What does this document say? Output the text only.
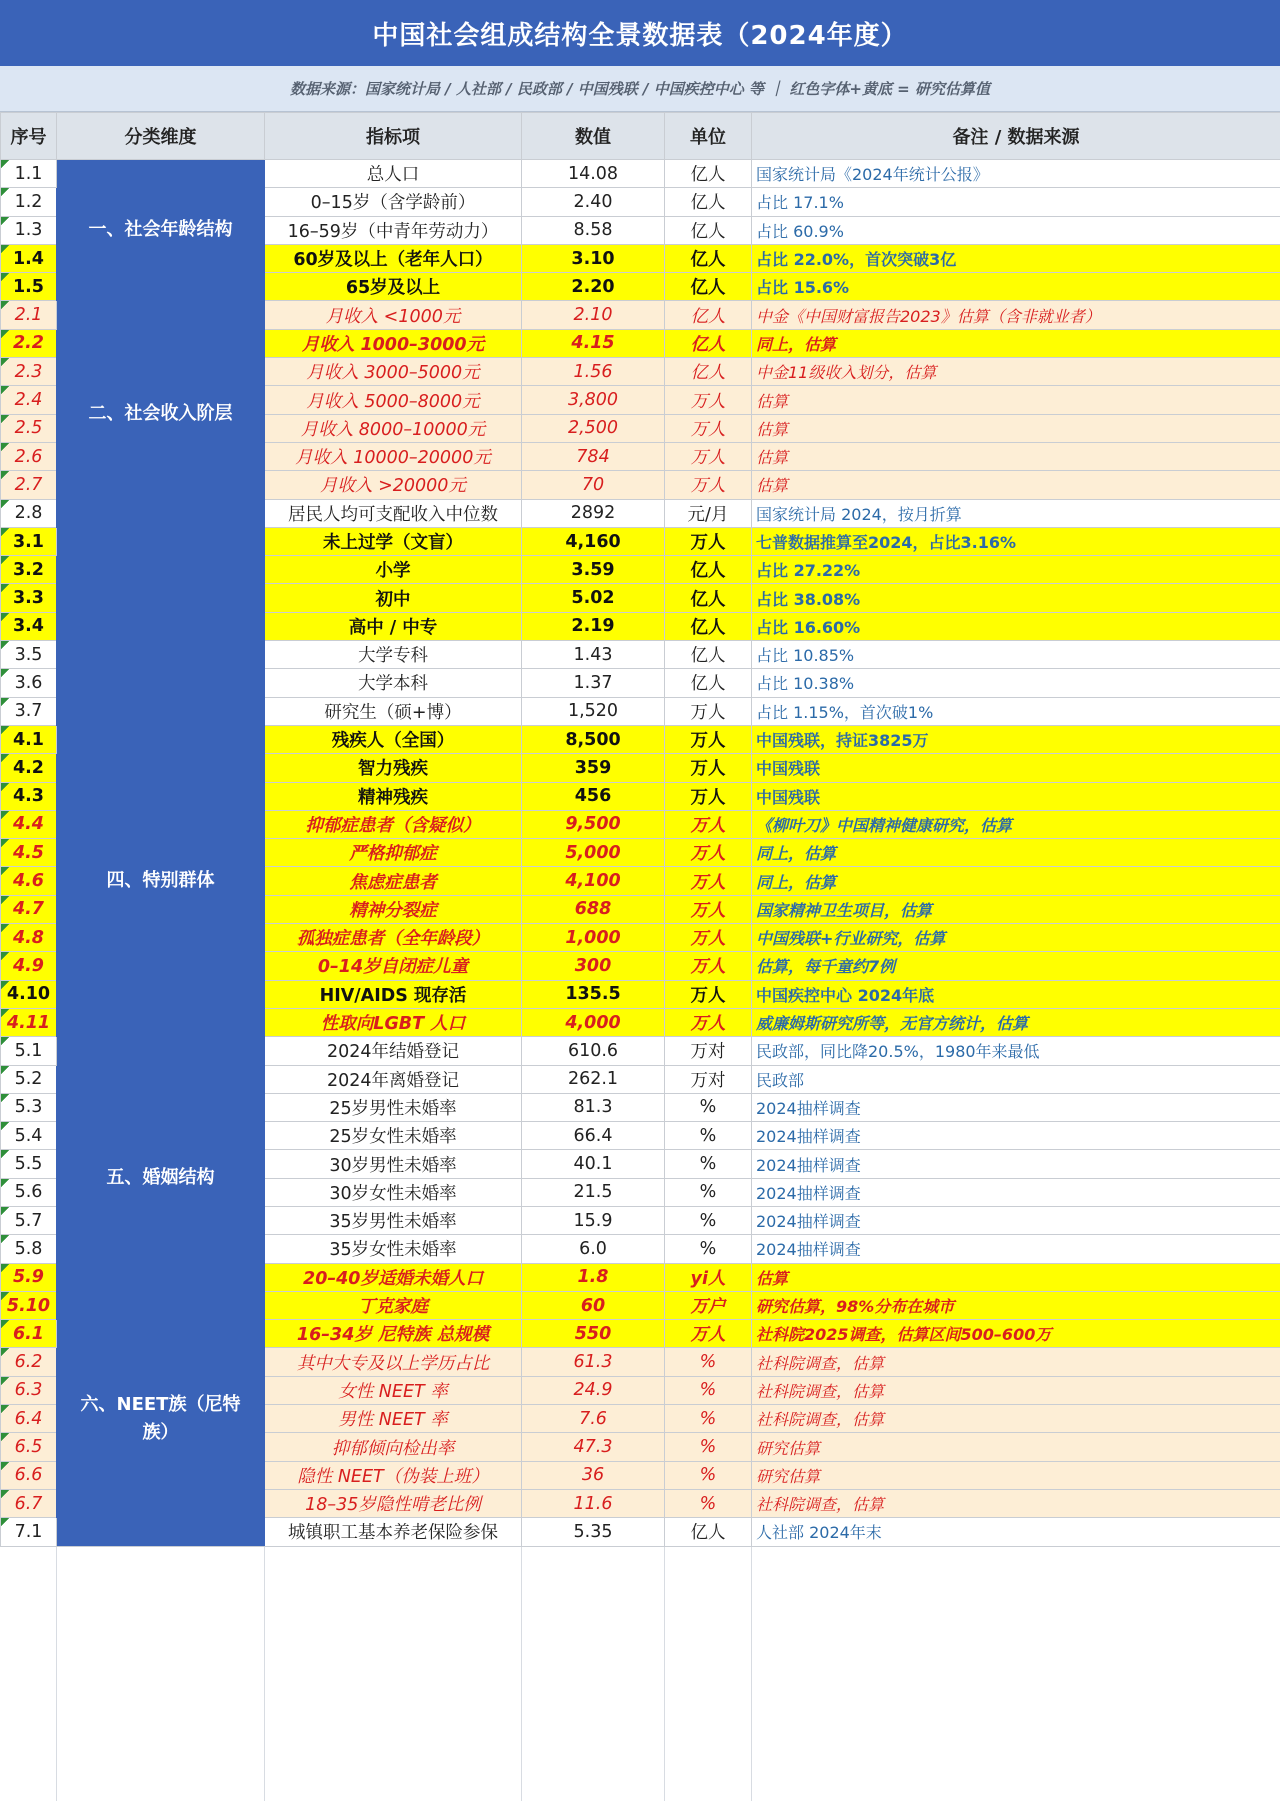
中国社会组成结构全景数据表（2024年度）
数据来源：国家统计局 / 人社部 / 民政部 / 中国残联 / 中国疾控中心 等 ｜ 红色字体+黄底 = 研究估算值
序号	分类维度	指标项	数值	单位	备注 / 数据来源
1.1	一、社会年龄结构	总人口	14.08	亿人	国家统计局《2024年统计公报》
1.2		0–15岁（含学龄前）	2.40	亿人	占比 17.1%
1.3		16–59岁（中青年劳动力）	8.58	亿人	占比 60.9%
1.4		60岁及以上（老年人口）	3.10	亿人	占比 22.0%，首次突破3亿
1.5		65岁及以上	2.20	亿人	占比 15.6%
2.1	二、社会收入阶层	月收入 <1000元	2.10	亿人	中金《中国财富报告2023》估算（含非就业者）
2.2		月收入 1000–3000元	4.15	亿人	同上，估算
2.3		月收入 3000–5000元	1.56	亿人	中金11级收入划分，估算
2.4		月收入 5000–8000元	3,800	万人	估算
2.5		月收入 8000–10000元	2,500	万人	估算
2.6		月收入 10000–20000元	784	万人	估算
2.7		月收入 >20000元	70	万人	估算
2.8		居民人均可支配收入中位数	2892	元/月	国家统计局 2024，按月折算
3.1		未上过学（文盲）	4,160	万人	七普数据推算至2024，占比3.16%
3.2		小学	3.59	亿人	占比 27.22%
3.3		初中	5.02	亿人	占比 38.08%
3.4		高中 / 中专	2.19	亿人	占比 16.60%
3.5		大学专科	1.43	亿人	占比 10.85%
3.6		大学本科	1.37	亿人	占比 10.38%
3.7		研究生（硕+博）	1,520	万人	占比 1.15%，首次破1%
4.1	四、特别群体	残疾人（全国）	8,500	万人	中国残联，持证3825万
4.2		智力残疾	359	万人	中国残联
4.3		精神残疾	456	万人	中国残联
4.4		抑郁症患者（含疑似）	9,500	万人	《柳叶刀》中国精神健康研究，估算
4.5		严格抑郁症	5,000	万人	同上，估算
4.6		焦虑症患者	4,100	万人	同上，估算
4.7		精神分裂症	688	万人	国家精神卫生项目，估算
4.8		孤独症患者（全年龄段）	1,000	万人	中国残联+行业研究，估算
4.9		0–14岁自闭症儿童	300	万人	估算，每千童约7例
4.10		HIV/AIDS 现存活	135.5	万人	中国疾控中心 2024年底
4.11		性取向LGBT 人口	4,000	万人	威廉姆斯研究所等，无官方统计，估算
5.1	五、婚姻结构	2024年结婚登记	610.6	万对	民政部，同比降20.5%，1980年来最低
5.2		2024年离婚登记	262.1	万对	民政部
5.3		25岁男性未婚率	81.3	%	2024抽样调查
5.4		25岁女性未婚率	66.4	%	2024抽样调查
5.5		30岁男性未婚率	40.1	%	2024抽样调查
5.6		30岁女性未婚率	21.5	%	2024抽样调查
5.7		35岁男性未婚率	15.9	%	2024抽样调查
5.8		35岁女性未婚率	6.0	%	2024抽样调查
5.9		20–40岁适婚未婚人口	1.8	yi人	估算
5.10		丁克家庭	60	万户	研究估算，98%分布在城市
6.1	六、NEET族（尼特族）	16–34岁 尼特族 总规模	550	万人	社科院2025调查，估算区间500–600万
6.2		其中大专及以上学历占比	61.3	%	社科院调查，估算
6.3		女性 NEET 率	24.9	%	社科院调查，估算
6.4		男性 NEET 率	7.6	%	社科院调查，估算
6.5		抑郁倾向检出率	47.3	%	研究估算
6.6		隐性 NEET（伪装上班）	36	%	研究估算
6.7		18–35岁隐性啃老比例	11.6	%	社科院调查，估算
7.1		城镇职工基本养老保险参保	5.35	亿人	人社部 2024年末
